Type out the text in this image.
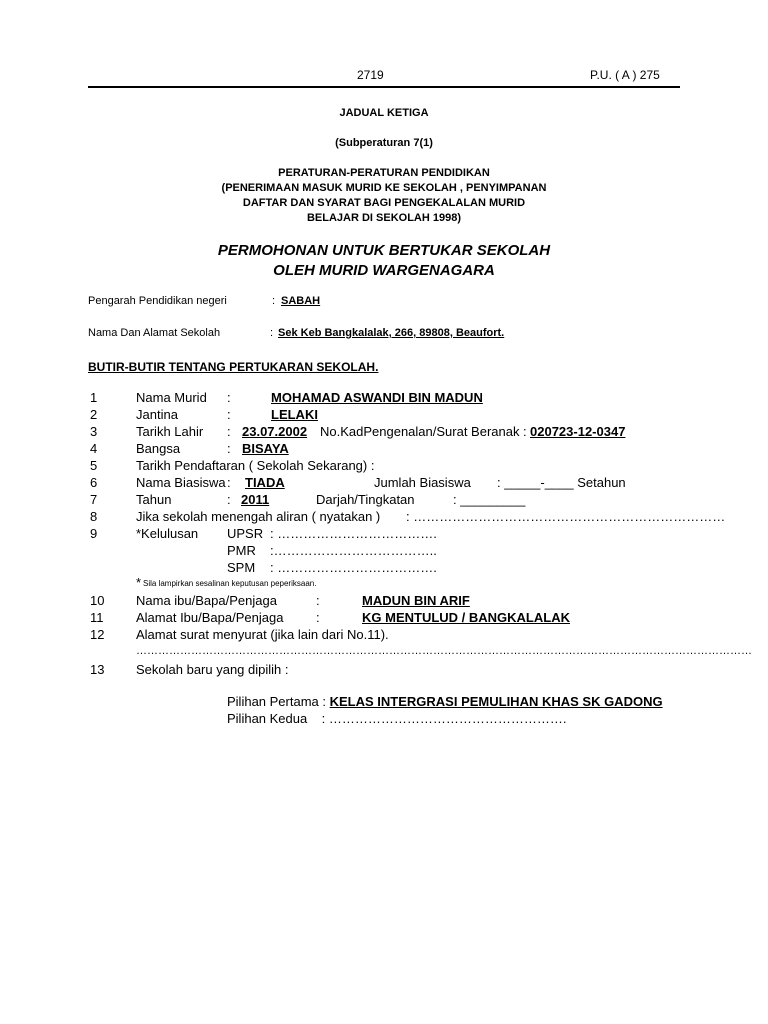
2719	P.U. ( A ) 275
JADUAL KETIGA
(Subperaturan 7(1)
PERATURAN-PERATURAN PENDIDIKAN
(PENERIMAAN MASUK MURID KE SEKOLAH , PENYIMPANAN
DAFTAR DAN SYARAT BAGI PENGEKALALAN MURID
BELAJAR DI SEKOLAH 1998)
PERMOHONAN UNTUK BERTUKAR SEKOLAH
OLEH MURID WARGENAGARA
Pengarah Pendidikan negeri	: SABAH
Nama Dan Alamat Sekolah	: Sek Keb Bangkalalak, 266, 89808, Beaufort.
BUTIR-BUTIR TENTANG PERTUKARAN SEKOLAH.
1	Nama Murid :	MOHAMAD ASWANDI BIN MADUN
2	Jantina	:	LELAKI
3	Tarikh Lahir : 23.07.2002 No.KadPengenalan/Surat Beranak : 020723-12-0347
4	Bangsa	: BISAYA
5	Tarikh Pendaftaran ( Sekolah Sekarang) :
6	Nama Biasiswa : TIADA	Jumlah Biasiswa : _____-____ Setahun
7	Tahun	: 2011	Darjah/Tingkatan	: _________
8	Jika sekolah menengah aliran ( nyatakan ) : ………………………………………………………………
9	*Kelulusan UPSR : ……………………………….
PMR :………………………………..
SPM : ……………………………….
* Sila lampirkan sesalinan keputusan peperiksaan.
10 Nama ibu/Bapa/Penjaga	:	MADUN BIN ARIF
11	Alamat Ibu/Bapa/Penjaga	:	KG MENTULUD / BANGKALALAK
12 Alamat surat menyurat (jika lain dari No.11).
……………………………………………………………………………………………………………………………………………………
13 Sekolah baru yang dipilih :
Pilihan Pertama : KELAS INTERGRASI PEMULIHAN KHAS SK GADONG
Pilihan Kedua    : ……………………………………………….
